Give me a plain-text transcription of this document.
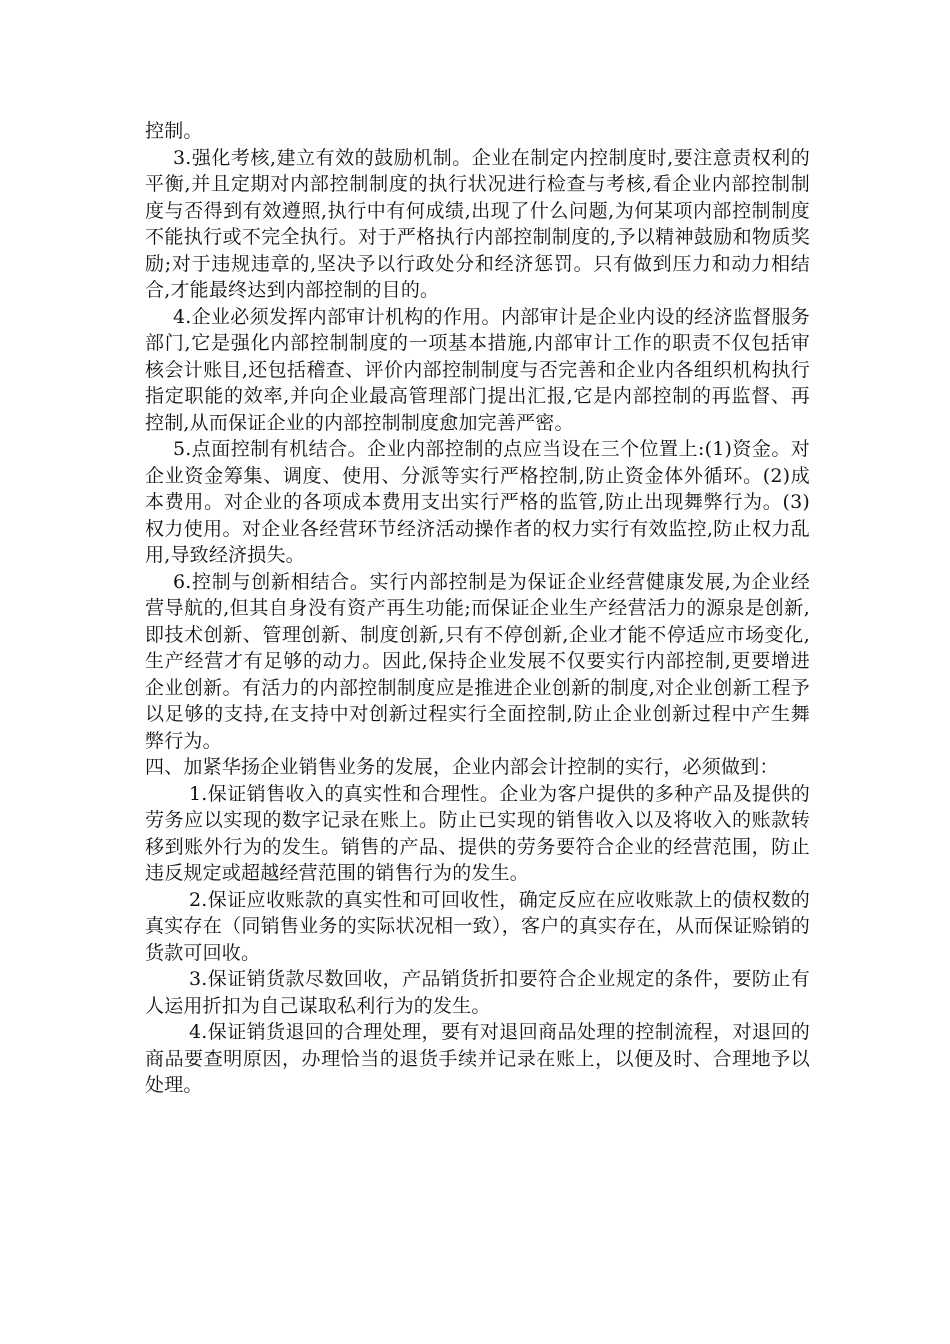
控制。

3.强化考核,建立有效的鼓励机制。企业在制定内控制度时,要注意责权利的平衡,并且定期对内部控制制度的执行状况进行检查与考核,看企业内部控制制度与否得到有效遵照,执行中有何成绩,出现了什么问题,为何某项内部控制制度不能执行或不完全执行。对于严格执行内部控制制度的,予以精神鼓励和物质奖励;对于违规违章的,坚决予以行政处分和经济惩罚。只有做到压力和动力相结合,才能最终达到内部控制的目的。

4.企业必须发挥内部审计机构的作用。内部审计是企业内设的经济监督服务部门,它是强化内部控制制度的一项基本措施,内部审计工作的职责不仅包括审核会计账目,还包括稽查、评价内部控制制度与否完善和企业内各组织机构执行指定职能的效率,并向企业最高管理部门提出汇报,它是内部控制的再监督、再控制,从而保证企业的内部控制制度愈加完善严密。

5.点面控制有机结合。企业内部控制的点应当设在三个位置上:(1)资金。对企业资金筹集、调度、使用、分派等实行严格控制,防止资金体外循环。(2)成本费用。对企业的各项成本费用支出实行严格的监管,防止出现舞弊行为。(3)权力使用。对企业各经营环节经济活动操作者的权力实行有效监控,防止权力乱用,导致经济损失。

6.控制与创新相结合。实行内部控制是为保证企业经营健康发展,为企业经营导航的,但其自身没有资产再生功能;而保证企业生产经营活力的源泉是创新,即技术创新、管理创新、制度创新,只有不停创新,企业才能不停适应市场变化,生产经营才有足够的动力。因此,保持企业发展不仅要实行内部控制,更要增进企业创新。有活力的内部控制制度应是推进企业创新的制度,对企业创新工程予以足够的支持,在支持中对创新过程实行全面控制,防止企业创新过程中产生舞弊行为。

四、加紧华扬企业销售业务的发展，企业内部会计控制的实行，必须做到：

1.保证销售收入的真实性和合理性。企业为客户提供的多种产品及提供的劳务应以实现的数字记录在账上。防止已实现的销售收入以及将收入的账款转移到账外行为的发生。销售的产品、提供的劳务要符合企业的经营范围，防止违反规定或超越经营范围的销售行为的发生。

2.保证应收账款的真实性和可回收性，确定反应在应收账款上的债权数的真实存在（同销售业务的实际状况相一致），客户的真实存在，从而保证赊销的货款可回收。

3.保证销货款尽数回收，产品销货折扣要符合企业规定的条件，要防止有人运用折扣为自己谋取私利行为的发生。

4.保证销货退回的合理处理，要有对退回商品处理的控制流程，对退回的商品要查明原因，办理恰当的退货手续并记录在账上，以便及时、合理地予以处理。
